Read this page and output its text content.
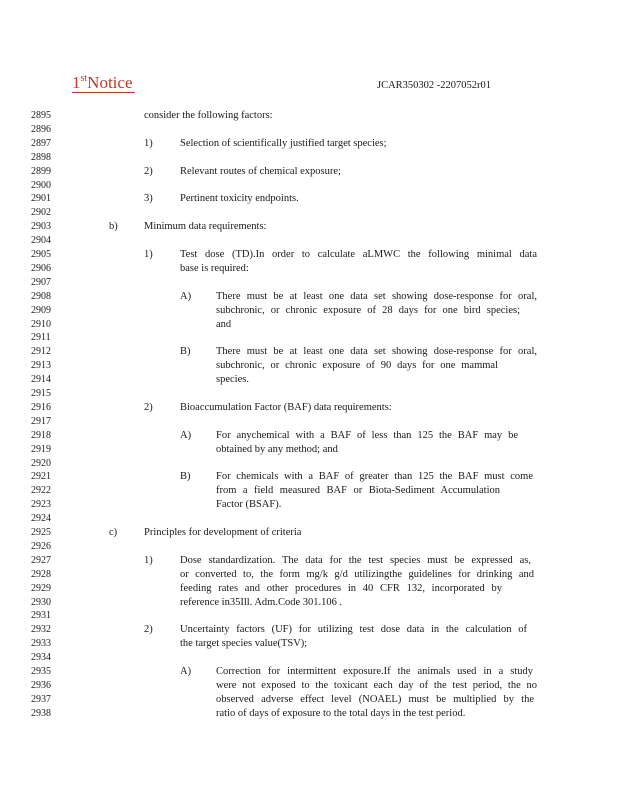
1stNotice	JCAR350302 -2207052r01
2895
2896
2897
2898
2899
2900
2901
2902
2903
2904
2905
2906
2907
2908
2909
2910
2911
2912
2913
2914
2915
2916
2917
2918
2919
2920
2921
2922
2923
2924
2925
2926
2927
2928
2929
2930
2931
2932
2933
2934
2935
2936
2937
2938
consider the following factors:
1)	Selection of scientifically justified target species;
2)	Relevant routes of chemical exposure;
3)	Pertinent toxicity endpoints.
b)	Minimum data requirements:
1)	Test dose (TD).In order to calculate aLMWC the following minimal data
base is required:
A) There must be at least one data set showing dose-response for oral,
subchronic, or chronic exposure of 28 days for one bird species;
and
B) There must be at least one data set showing dose-response for oral,
subchronic, or chronic exposure of 90 days for one mammal
species.
2)	Bioaccumulation Factor (BAF) data requirements:
A) For anychemical with a BAF of less than 125 the BAF may be
obtained by any method; and
B) For chemicals with a BAF of greater than 125 the BAF must come
from a field measured BAF or Biota-Sediment Accumulation
Factor (BSAF).
c)	Principles for development of criteria
1)	Dose standardization. The data for the test species must be expressed as,
or converted to, the form mg/k g/d utilizingthe guidelines for drinking and
feeding rates and other procedures in 40 CFR 132, incorporated by
reference in35Ill. Adm.Code 301.106 .
2)	Uncertainty factors (UF) for utilizing test dose data in the calculation of
the target species value(TSV);
A) Correction for intermittent exposure.If the animals used in a study
were not exposed to the toxicant each day of the test period, the no
observed adverse effect level (NOAEL) must be multiplied by the
ratio of days of exposure to the total days in the test period.
